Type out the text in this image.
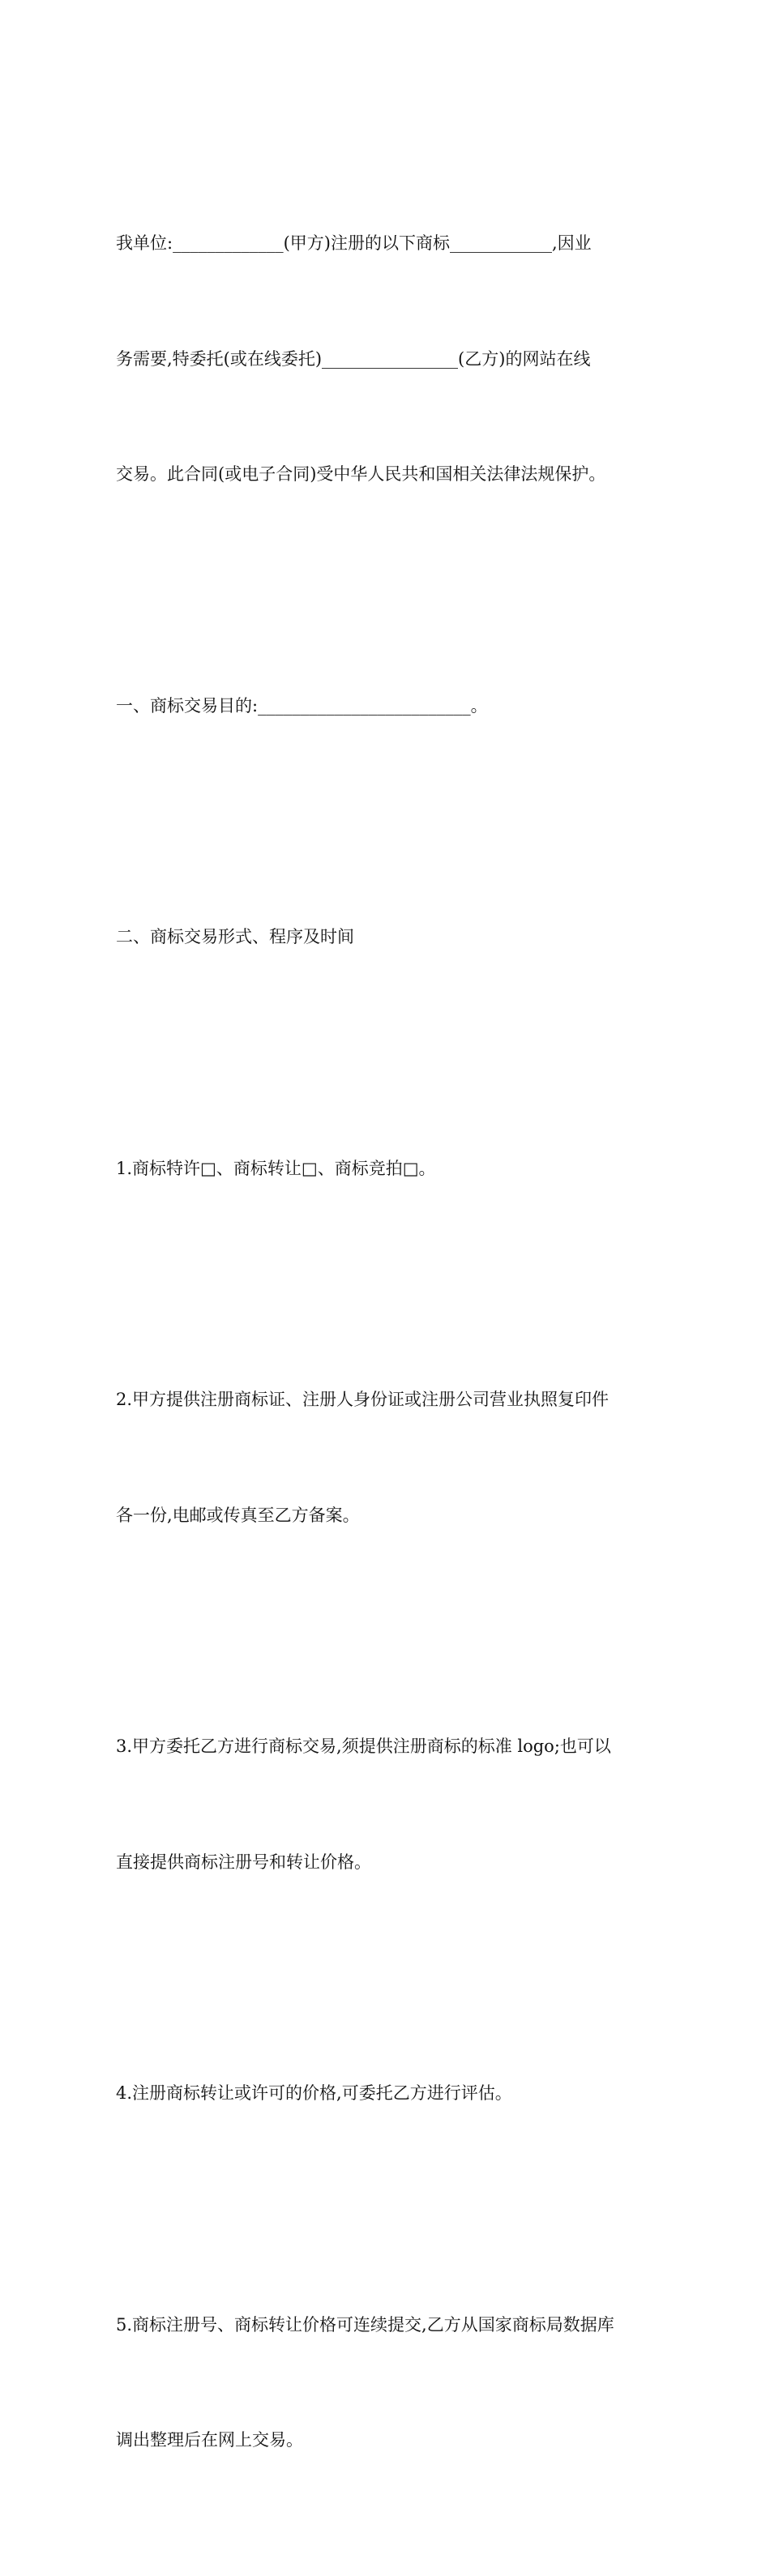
我单位:_____________(甲方)注册的以下商标____________,因业

务需要,特委托(或在线委托)________________(乙方)的网站在线

交易。此合同(或电子合同)受中华人民共和国相关法律法规保护。

一、商标交易目的:_________________________。

二、商标交易形式、程序及时间

1.商标特许□、商标转让□、商标竞拍□。

2.甲方提供注册商标证、注册人身份证或注册公司营业执照复印件

各一份,电邮或传真至乙方备案。

3.甲方委托乙方进行商标交易,须提供注册商标的标准 logo;也可以

直接提供商标注册号和转让价格。

4.注册商标转让或许可的价格,可委托乙方进行评估。

5.商标注册号、商标转让价格可连续提交,乙方从国家商标局数据库

调出整理后在网上交易。
